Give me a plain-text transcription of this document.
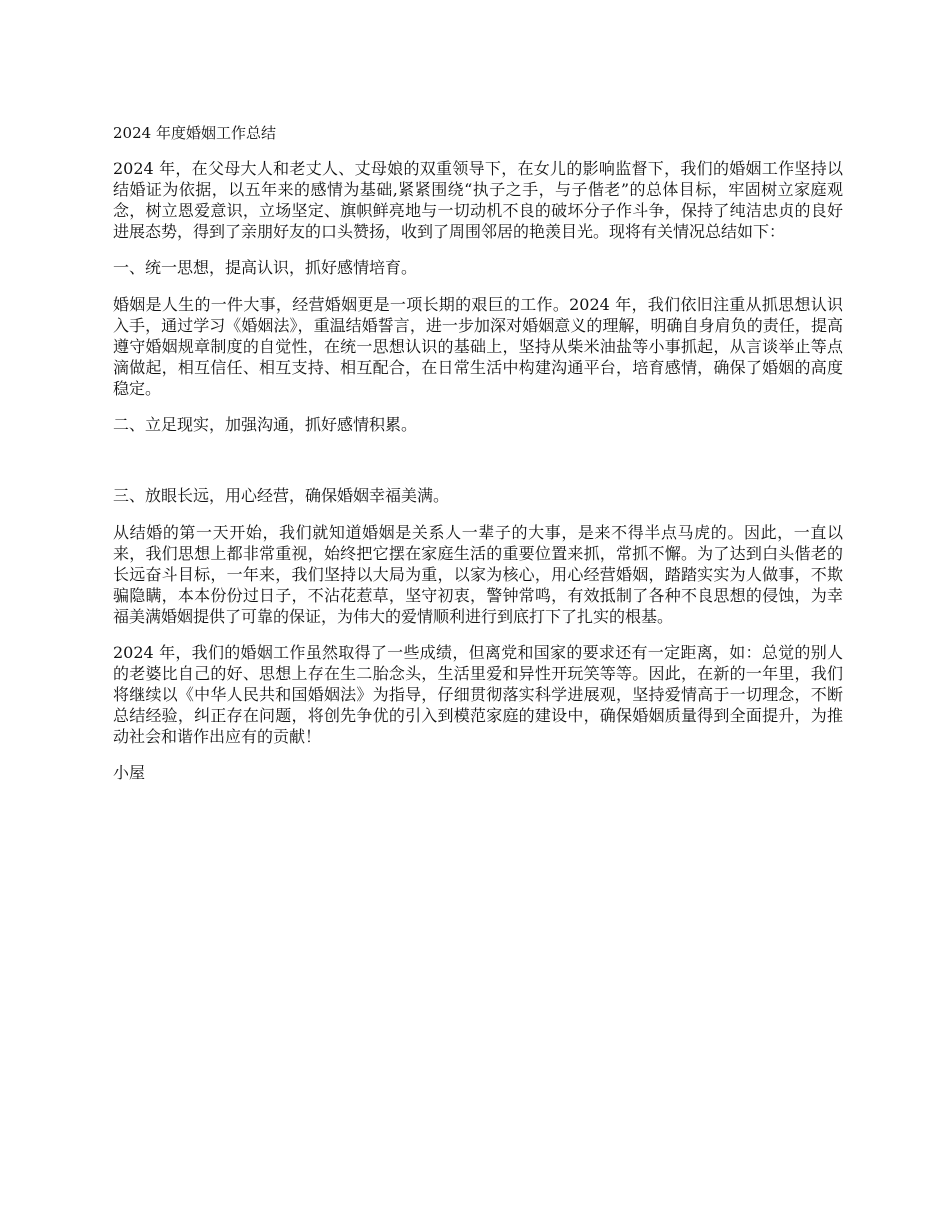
2024 年度婚姻工作总结

2024 年，在父母大人和老丈人、丈母娘的双重领导下，在女儿的影响监督下，我们的婚姻工作坚持以结婚证为依据，以五年来的感情为基础,紧紧围绕“执子之手，与子偕老”的总体目标，牢固树立家庭观念，树立恩爱意识，立场坚定、旗帜鲜亮地与一切动机不良的破坏分子作斗争，保持了纯洁忠贞的良好进展态势，得到了亲朋好友的口头赞扬，收到了周围邻居的艳羡目光。现将有关情况总结如下：

一、统一思想，提高认识，抓好感情培育。

婚姻是人生的一件大事，经营婚姻更是一项长期的艰巨的工作。2024 年，我们依旧注重从抓思想认识入手，通过学习《婚姻法》，重温结婚誓言，进一步加深对婚姻意义的理解，明确自身肩负的责任，提高遵守婚姻规章制度的自觉性，在统一思想认识的基础上，坚持从柴米油盐等小事抓起，从言谈举止等点滴做起，相互信任、相互支持、相互配合，在日常生活中构建沟通平台，培育感情，确保了婚姻的高度稳定。

二、立足现实，加强沟通，抓好感情积累。

三、放眼长远，用心经营，确保婚姻幸福美满。

从结婚的第一天开始，我们就知道婚姻是关系人一辈子的大事，是来不得半点马虎的。因此，一直以来，我们思想上都非常重视，始终把它摆在家庭生活的重要位置来抓，常抓不懈。为了达到白头偕老的长远奋斗目标，一年来，我们坚持以大局为重，以家为核心，用心经营婚姻，踏踏实实为人做事，不欺骗隐瞒，本本份份过日子，不沾花惹草，坚守初衷，警钟常鸣，有效抵制了各种不良思想的侵蚀，为幸福美满婚姻提供了可靠的保证，为伟大的爱情顺利进行到底打下了扎实的根基。

2024 年，我们的婚姻工作虽然取得了一些成绩，但离党和国家的要求还有一定距离，如：总觉的别人的老婆比自己的好、思想上存在生二胎念头，生活里爱和异性开玩笑等等。因此，在新的一年里，我们将继续以《中华人民共和国婚姻法》为指导，仔细贯彻落实科学进展观，坚持爱情高于一切理念，不断总结经验，纠正存在问题，将创先争优的引入到模范家庭的建设中，确保婚姻质量得到全面提升，为推动社会和谐作出应有的贡献！

小屋
